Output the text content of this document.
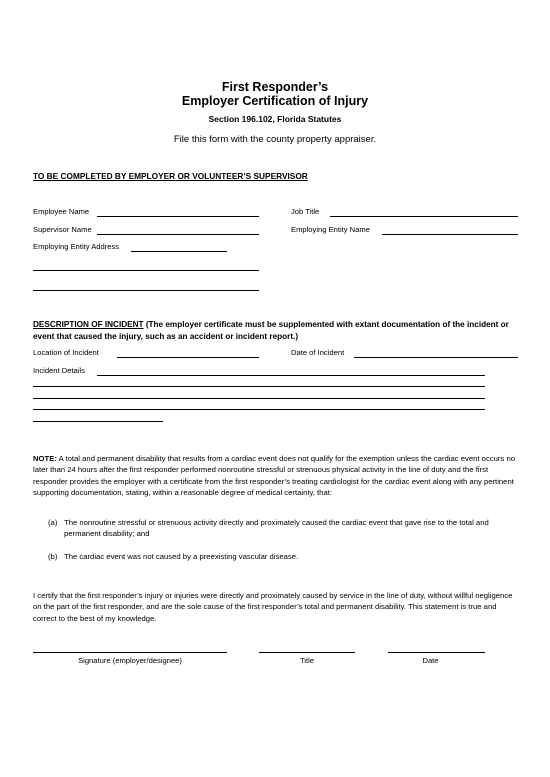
First Responder’s
Employer Certification of Injury
Section 196.102, Florida Statutes
File this form with the county property appraiser.
TO BE COMPLETED BY EMPLOYER OR VOLUNTEER’S SUPERVISOR
Employee Name	Job Title
Supervisor Name	Employing Entity Name
Employing Entity Address
DESCRIPTION OF INCIDENT (The employer certificate must be supplemented with extant documentation of the incident or event that caused the injury, such as an accident or incident report.)
Location of Incident	Date of Incident
Incident Details
NOTE: A total and permanent disability that results from a cardiac event does not qualify for the exemption unless the cardiac event occurs no later than 24 hours after the first responder performed nonroutine stressful or strenuous physical activity in the line of duty and the first responder provides the employer with a certificate from the first responder’s treating cardiologist for the cardiac event along with any pertinent supporting documentation, stating, within a reasonable degree of medical certainty, that:
(a) The nonroutine stressful or strenuous activity directly and proximately caused the cardiac event that gave rise to the total and permanent disability; and
(b) The cardiac event was not caused by a preexisting vascular disease.
I certify that the first responder’s injury or injuries were directly and proximately caused by service in the line of duty, without willful negligence on the part of the first responder, and are the sole cause of the first responder’s total and permanent disability. This statement is true and correct to the best of my knowledge.
Signature (employer/designee)	Title	Date
